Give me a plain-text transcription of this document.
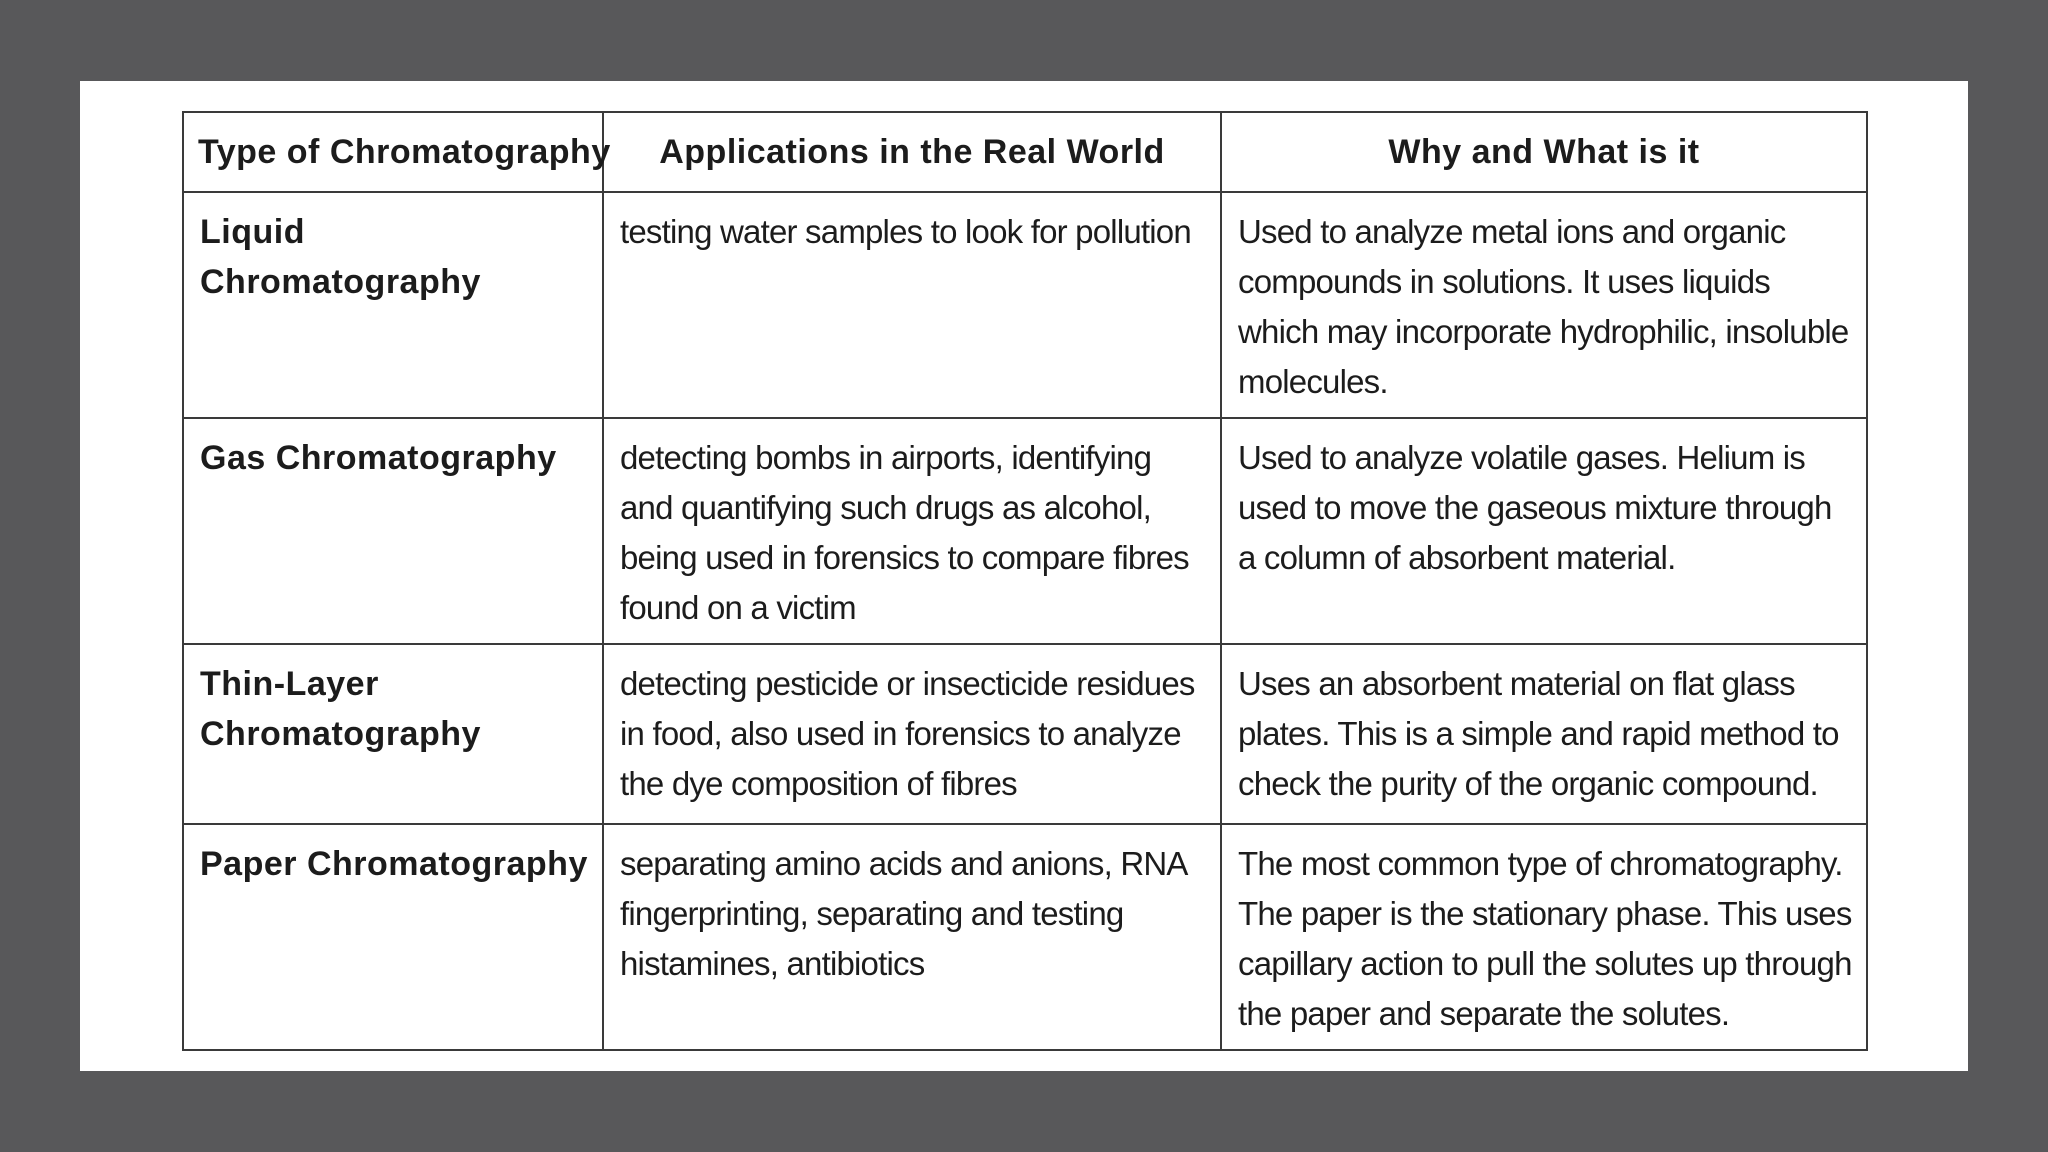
Type of Chromatography	Applications in the Real World	Why and What is it
Liquid Chromatography	testing water samples to look for pollution	Used to analyze metal ions and organic compounds in solutions. It uses liquids which may incorporate hydrophilic, insoluble molecules.
Gas Chromatography	detecting bombs in airports, identifying and quantifying such drugs as alcohol, being used in forensics to compare fibres found on a victim	Used to analyze volatile gases. Helium is used to move the gaseous mixture through a column of absorbent material.
Thin-Layer Chromatography	detecting pesticide or insecticide residues in food, also used in forensics to analyze the dye composition of fibres	Uses an absorbent material on flat glass plates. This is a simple and rapid method to check the purity of the organic compound.
Paper Chromatography	separating amino acids and anions, RNA fingerprinting, separating and testing histamines, antibiotics	The most common type of chromatography. The paper is the stationary phase. This uses capillary action to pull the solutes up through the paper and separate the solutes.
